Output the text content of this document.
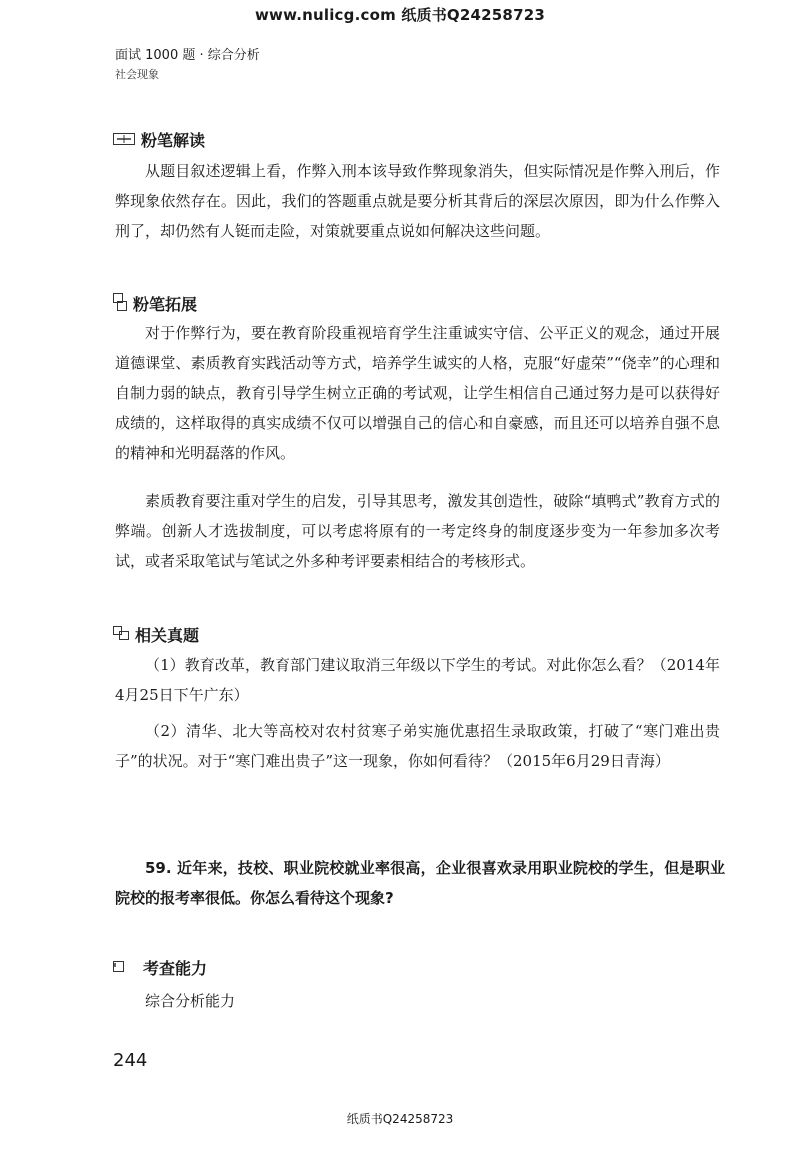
www.nulicg.com 纸质书Q24258723
面试 1000 题 · 综合分析
社会现象
粉笔解读
从题目叙述逻辑上看，作弊入刑本该导致作弊现象消失，但实际情况是作弊入刑后，作弊现象依然存在。因此，我们的答题重点就是要分析其背后的深层次原因，即为什么作弊入刑了，却仍然有人铤而走险，对策就要重点说如何解决这些问题。
粉笔拓展
对于作弊行为，要在教育阶段重视培育学生注重诚实守信、公平正义的观念，通过开展道德课堂、素质教育实践活动等方式，培养学生诚实的人格，克服“好虚荣”“侥幸”的心理和自制力弱的缺点，教育引导学生树立正确的考试观，让学生相信自己通过努力是可以获得好成绩的，这样取得的真实成绩不仅可以增强自己的信心和自豪感，而且还可以培养自强不息的精神和光明磊落的作风。
素质教育要注重对学生的启发，引导其思考，激发其创造性，破除“填鸭式”教育方式的弊端。创新人才选拔制度，可以考虑将原有的一考定终身的制度逐步变为一年参加多次考试，或者采取笔试与笔试之外多种考评要素相结合的考核形式。
相关真题
（1）教育改革，教育部门建议取消三年级以下学生的考试。对此你怎么看？（2014年4月25日下午广东）
（2）清华、北大等高校对农村贫寒子弟实施优惠招生录取政策，打破了“寒门难出贵子”的状况。对于“寒门难出贵子”这一现象，你如何看待？（2015年6月29日青海）
59. 近年来，技校、职业院校就业率很高，企业很喜欢录用职业院校的学生，但是职业院校的报考率很低。你怎么看待这个现象?
考查能力
综合分析能力
244
纸质书Q24258723
